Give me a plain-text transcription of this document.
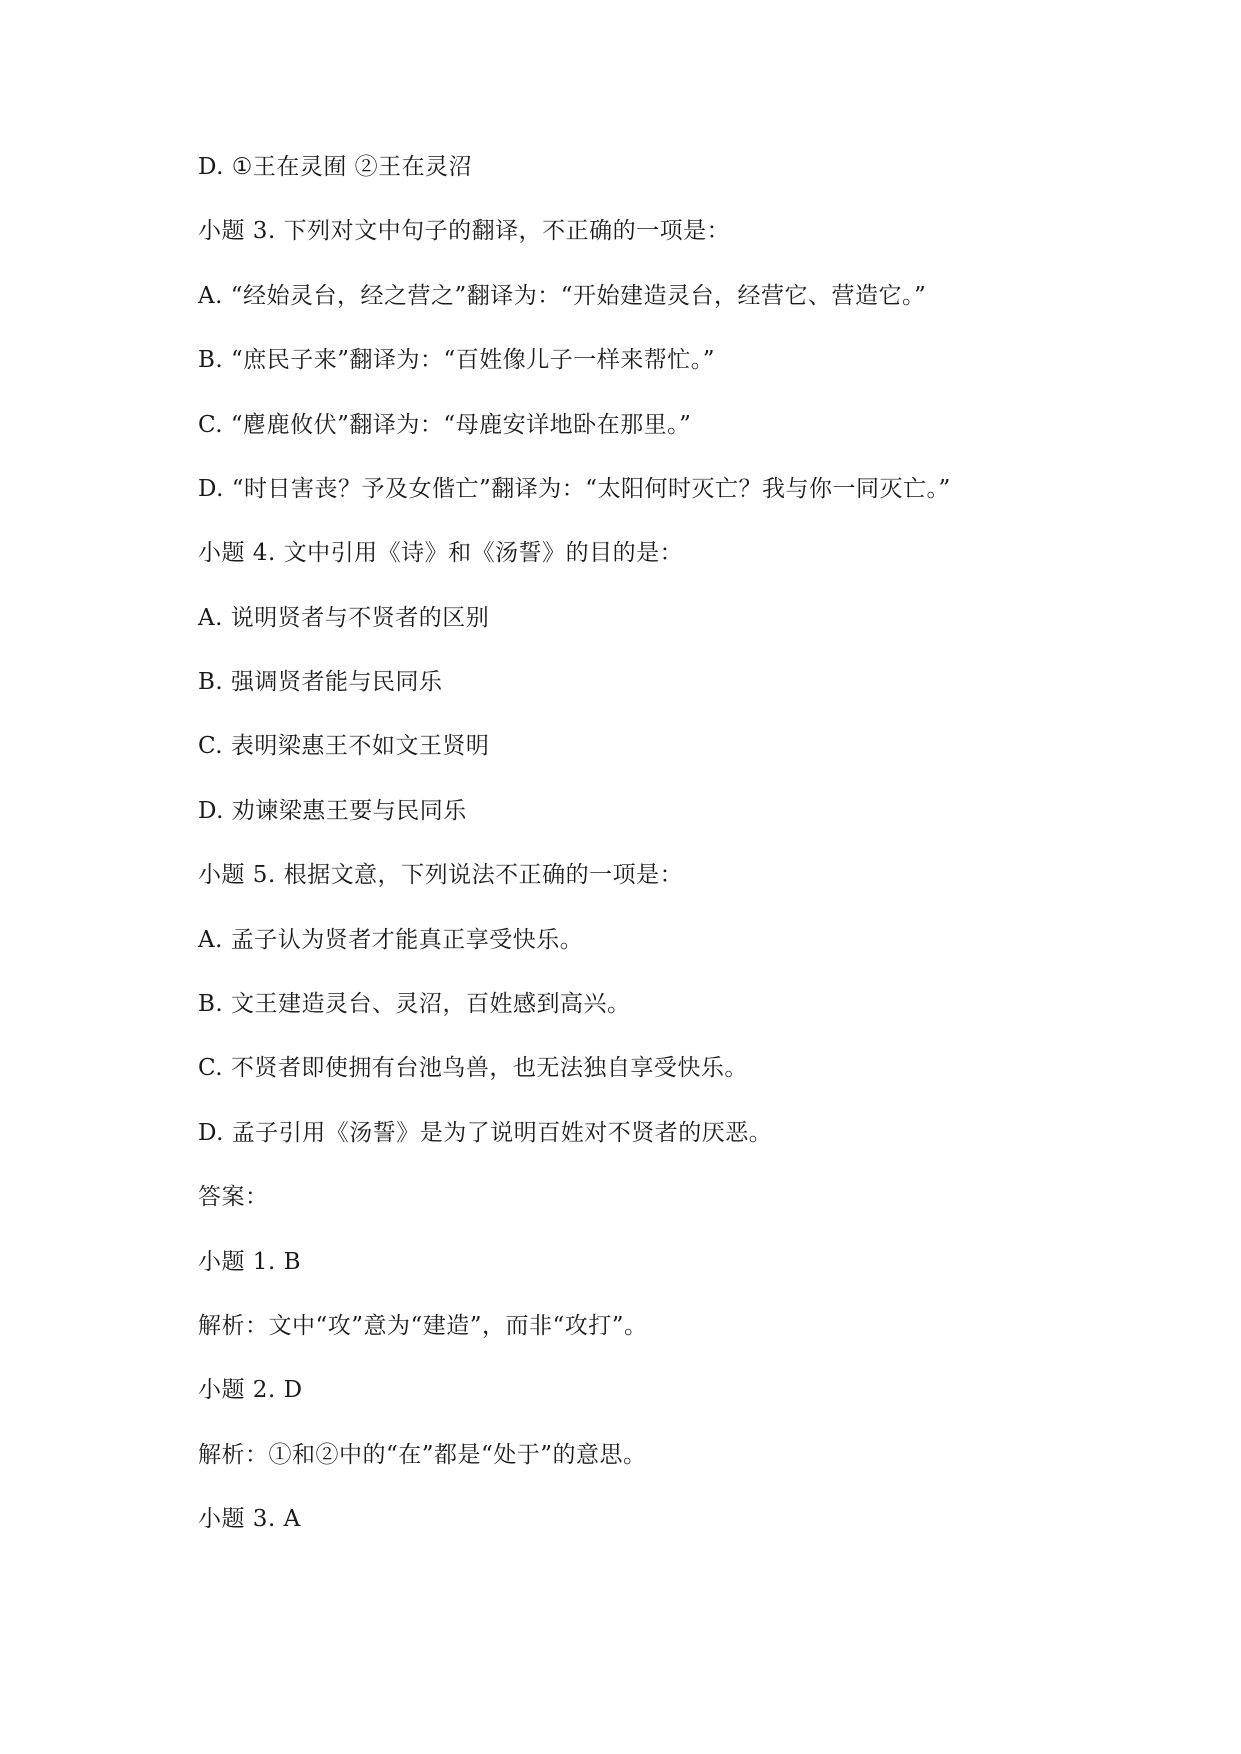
D. ①王在灵囿 ②王在灵沼
小题 3. 下列对文中句子的翻译，不正确的一项是：
A. “经始灵台，经之营之”翻译为：“开始建造灵台，经营它、营造它。”
B. “庶民子来”翻译为：“百姓像儿子一样来帮忙。”
C. “麀鹿攸伏”翻译为：“母鹿安详地卧在那里。”
D. “时日害丧？予及女偕亡”翻译为：“太阳何时灭亡？我与你一同灭亡。”
小题 4. 文中引用《诗》和《汤誓》的目的是：
A. 说明贤者与不贤者的区别
B. 强调贤者能与民同乐
C. 表明梁惠王不如文王贤明
D. 劝谏梁惠王要与民同乐
小题 5. 根据文意，下列说法不正确的一项是：
A. 孟子认为贤者才能真正享受快乐。
B. 文王建造灵台、灵沼，百姓感到高兴。
C. 不贤者即使拥有台池鸟兽，也无法独自享受快乐。
D. 孟子引用《汤誓》是为了说明百姓对不贤者的厌恶。
答案：
小题 1. B
解析：文中“攻”意为“建造”，而非“攻打”。
小题 2. D
解析：①和②中的“在”都是“处于”的意思。
小题 3. A
